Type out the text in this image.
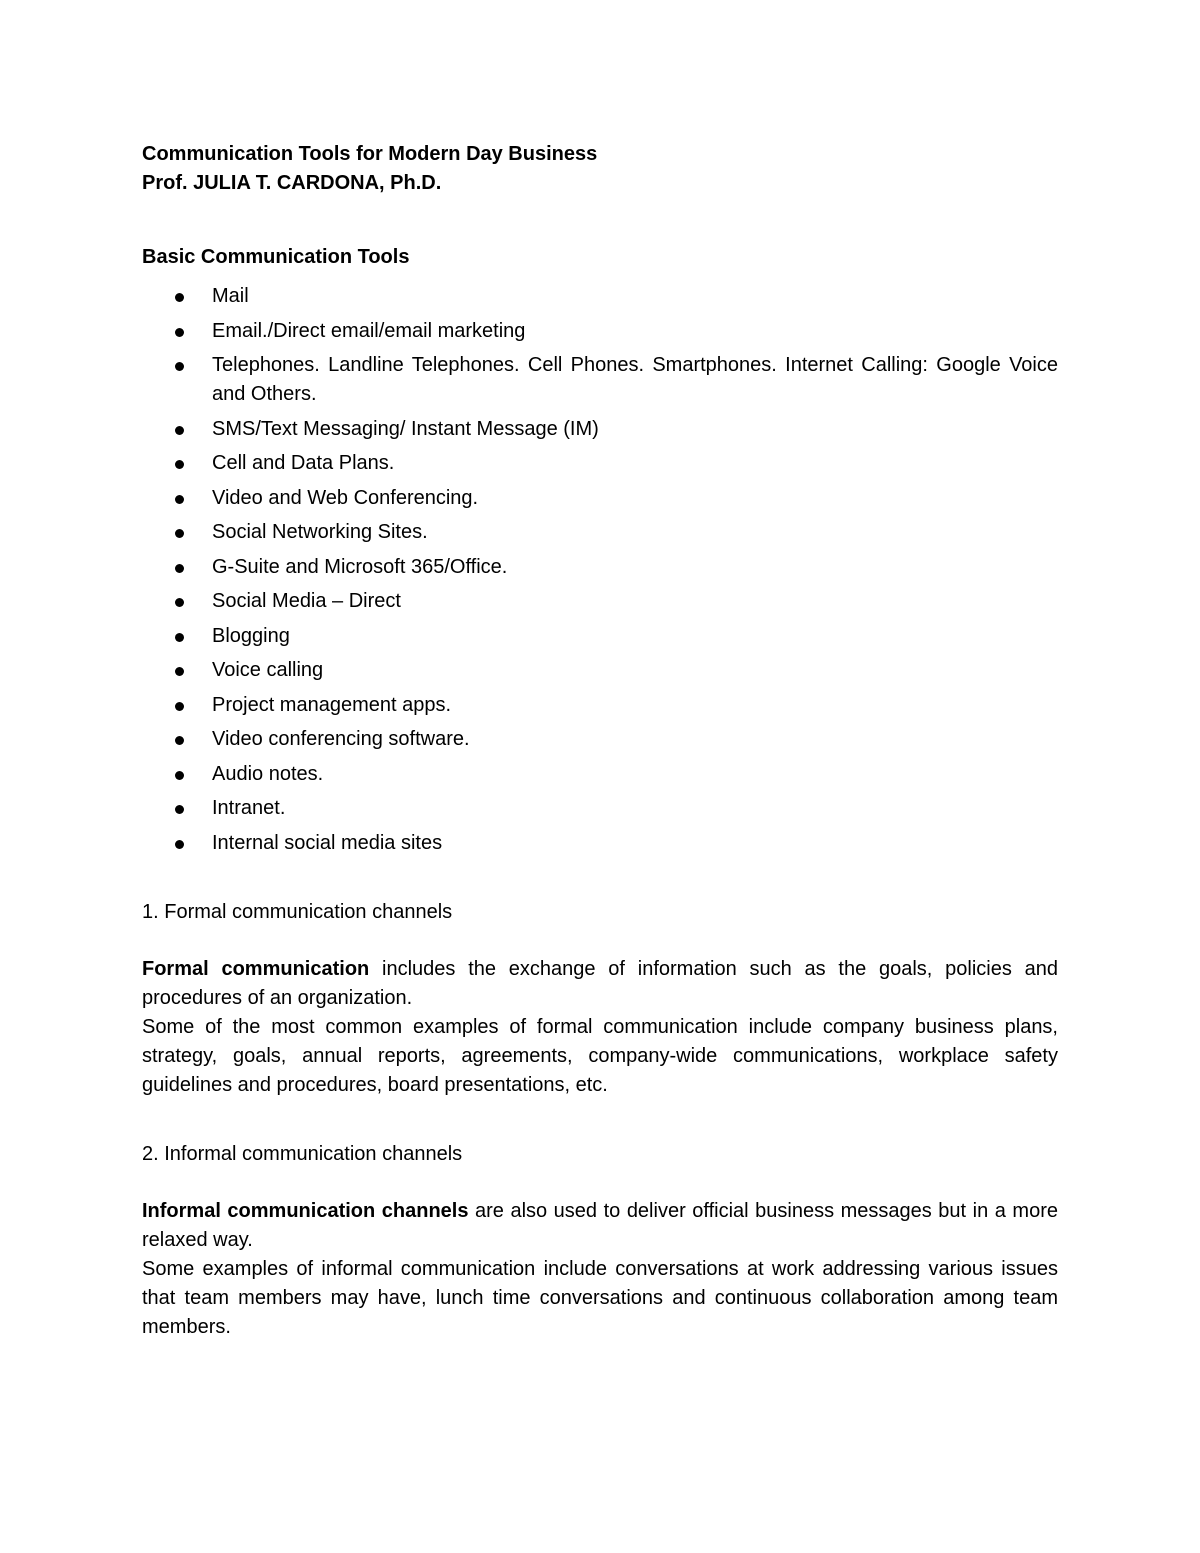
Communication Tools for Modern Day Business
Prof. JULIA T. CARDONA, Ph.D.
Basic Communication Tools
Mail
Email./Direct email/email marketing
Telephones. Landline Telephones. Cell Phones. Smartphones. Internet Calling: Google Voice and Others.
SMS/Text Messaging/ Instant Message (IM)
Cell and Data Plans.
Video and Web Conferencing.
Social Networking Sites.
G-Suite and Microsoft 365/Office.
Social Media – Direct
Blogging
Voice calling
Project management apps.
Video conferencing software.
Audio notes.
Intranet.
Internal social media sites
1. Formal communication channels

Formal communication includes the exchange of information such as the goals, policies and procedures of an organization.

Some of the most common examples of formal communication include company business plans, strategy, goals, annual reports, agreements, company-wide communications, workplace safety guidelines and procedures, board presentations, etc.

2. Informal communication channels

Informal communication channels are also used to deliver official business messages but in a more relaxed way.

Some examples of informal communication include conversations at work addressing various issues that team members may have, lunch time conversations and continuous collaboration among team members.
